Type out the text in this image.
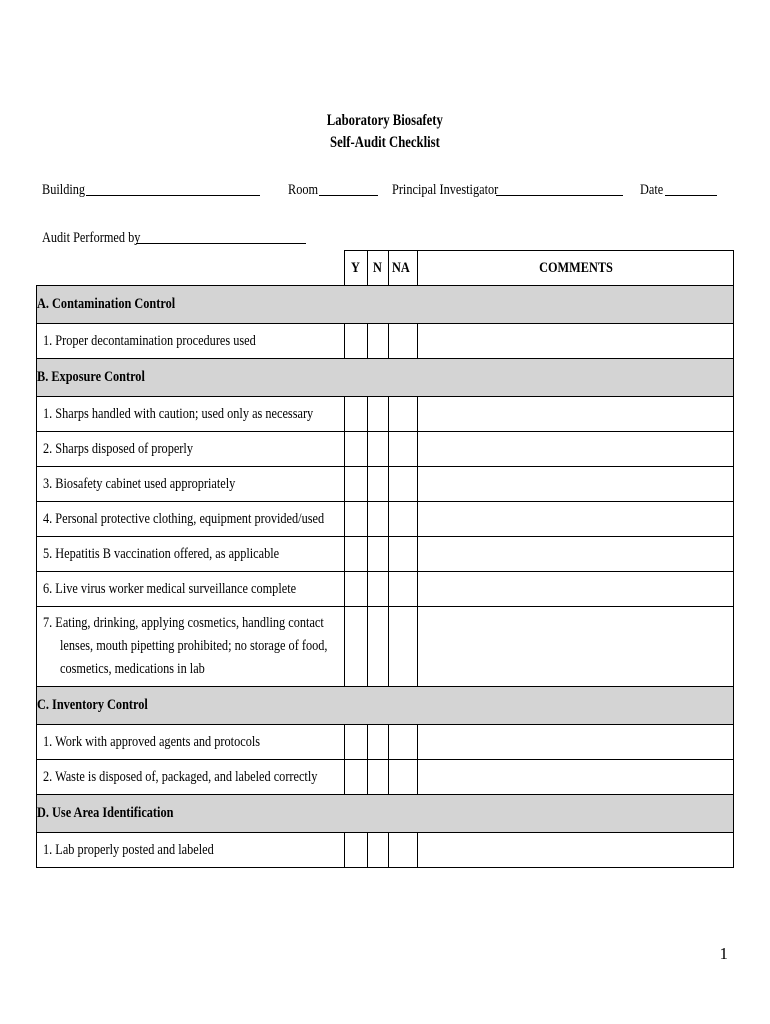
Laboratory Biosafety
Self-Audit Checklist
Building	Room	Principal Investigator	Date
Audit Performed by
	Y	N	NA	COMMENTS
A. Contamination Control				
1. Proper decontamination procedures used				
B. Exposure Control				
1. Sharps handled with caution; used only as necessary				
2. Sharps disposed of properly				
3. Biosafety cabinet used appropriately				
4. Personal protective clothing, equipment provided/used				
5. Hepatitis B vaccination offered, as applicable				
6. Live virus worker medical surveillance complete				

7. Eating, drinking, applying cosmetics, handling contact
lenses, mouth pipetting prohibited; no storage of food,
cosmetics, medications in lab				

C. Inventory Control				
1. Work with approved agents and protocols				
2. Waste is disposed of, packaged, and labeled correctly				
D. Use Area Identification				
1. Lab properly posted and labeled				
1
